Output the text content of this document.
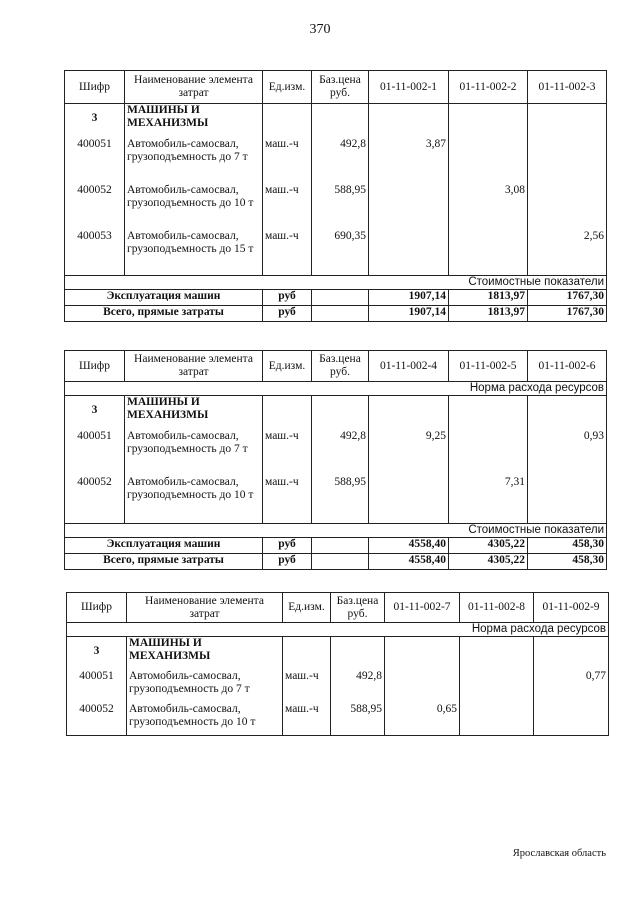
370
Шифр	Наименование элемента затрат	Ед.изм.	Баз.цена руб.	01-11-002-1	01-11-002-2	01-11-002-3
3	МАШИНЫ И МЕХАНИЗМЫ					
400051	Автомобиль-самосвал, грузоподъемность до 7 т	маш.-ч	492,8	3,87		
400052	Автомобиль-самосвал, грузоподъемность до 10 т	маш.-ч	588,95		3,08	
400053	Автомобиль-самосвал, грузоподъемность до 15 т	маш.-ч	690,35			2,56
Стоимостные показатели						
Эксплуатация машин		руб		1907,14	1813,97	1767,30
Всего, прямые затраты		руб		1907,14	1813,97	1767,30
Шифр	Наименование элемента затрат	Ед.изм.	Баз.цена руб.	01-11-002-4	01-11-002-5	01-11-002-6
Норма расхода ресурсов						
3	МАШИНЫ И МЕХАНИЗМЫ					
400051	Автомобиль-самосвал, грузоподъемность до 7 т	маш.-ч	492,8	9,25		0,93
400052	Автомобиль-самосвал, грузоподъемность до 10 т	маш.-ч	588,95		7,31	
Стоимостные показатели						
Эксплуатация машин		руб		4558,40	4305,22	458,30
Всего, прямые затраты		руб		4558,40	4305,22	458,30
Шифр	Наименование элемента затрат	Ед.изм.	Баз.цена руб.	01-11-002-7	01-11-002-8	01-11-002-9
Норма расхода ресурсов						
3	МАШИНЫ И МЕХАНИЗМЫ					
400051	Автомобиль-самосвал, грузоподъемность до 7 т	маш.-ч	492,8			0,77
400052	Автомобиль-самосвал, грузоподъемность до 10 т	маш.-ч	588,95	0,65		
Ярославская область
